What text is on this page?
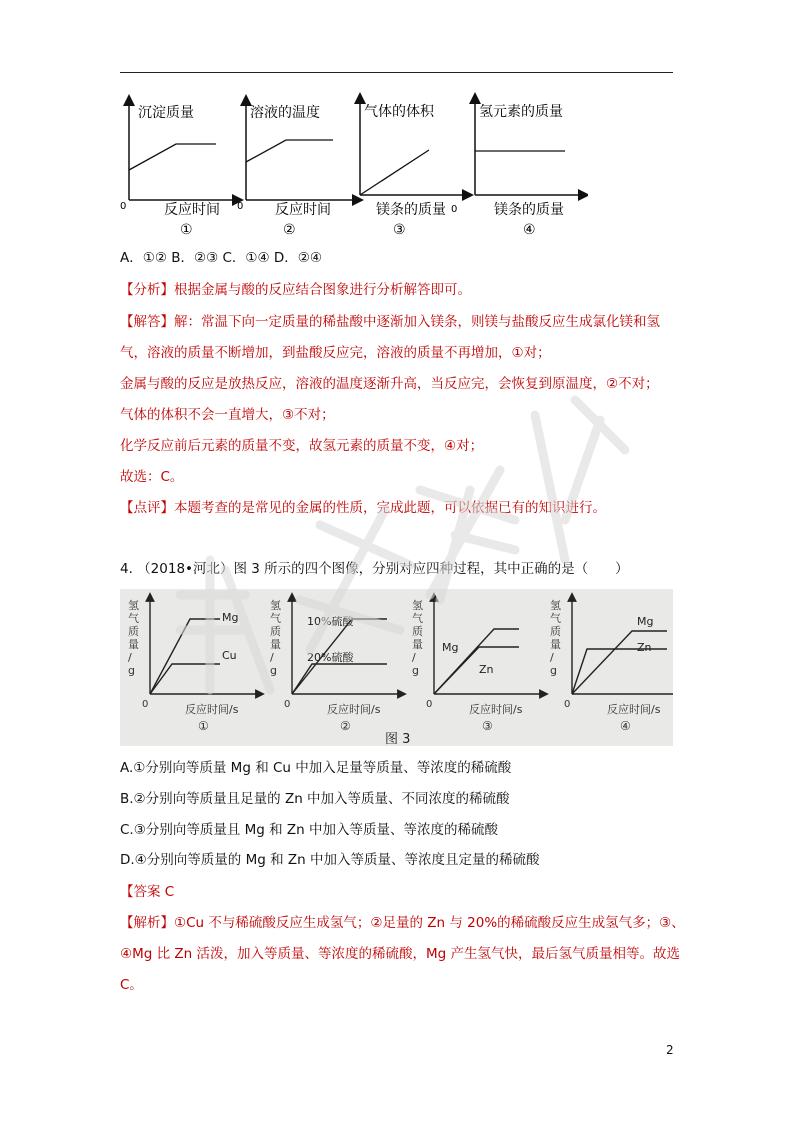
沉淀质量
0	反应时间
①
溶液的温度
0 反应时间
②
气体的体积
0
镁条的质量
③
氢元素的质量
镁条的质量
④
A．①② B．②③ C．①④ D．②④
【分析】根据金属与酸的反应结合图象进行分析解答即可。
【解答】解：常温下向一定质量的稀盐酸中逐渐加入镁条，则镁与盐酸反应生成氯化镁和氢
气，溶液的质量不断增加，到盐酸反应完，溶液的质量不再增加，①对；
金属与酸的反应是放热反应，溶液的温度逐渐升高，当反应完，会恢复到原温度，②不对；
气体的体积不会一直增大，③不对；
化学反应前后元素的质量不变，故氢元素的质量不变，④对；
故选：C。
【点评】本题考查的是常见的金属的性质，完成此题，可以依据已有的知识进行。
4. （2018•河北）图 3 所示的四个图像，分别对应四种过程，其中正确的是（　　）
氢
气
质
量
/
g
0	反应时间/s
①
Mg
Cu
氢
气
质
量
/
g
0	反应时间/s
②
10%硫酸
20%硫酸
氢
气
质
量
/
g
0	反应时间/s
③
Mg
Zn
氢
气
质
量
/
g
0	反应时间/s
④
Mg
Zn
图 3
A.①分别向等质量 Mg 和 Cu 中加入足量等质量、等浓度的稀硫酸
B.②分别向等质量且足量的 Zn 中加入等质量、不同浓度的稀硫酸
C.③分别向等质量且 Mg 和 Zn 中加入等质量、等浓度的稀硫酸
D.④分别向等质量的 Mg 和 Zn 中加入等质量、等浓度且定量的稀硫酸
【答案 C
【解析】①Cu 不与稀硫酸反应生成氢气；②足量的 Zn 与 20%的稀硫酸反应生成氢气多；③、
④Mg 比 Zn 活泼，加入等质量、等浓度的稀硫酸，Mg 产生氢气快，最后氢气质量相等。故选
C。
2
